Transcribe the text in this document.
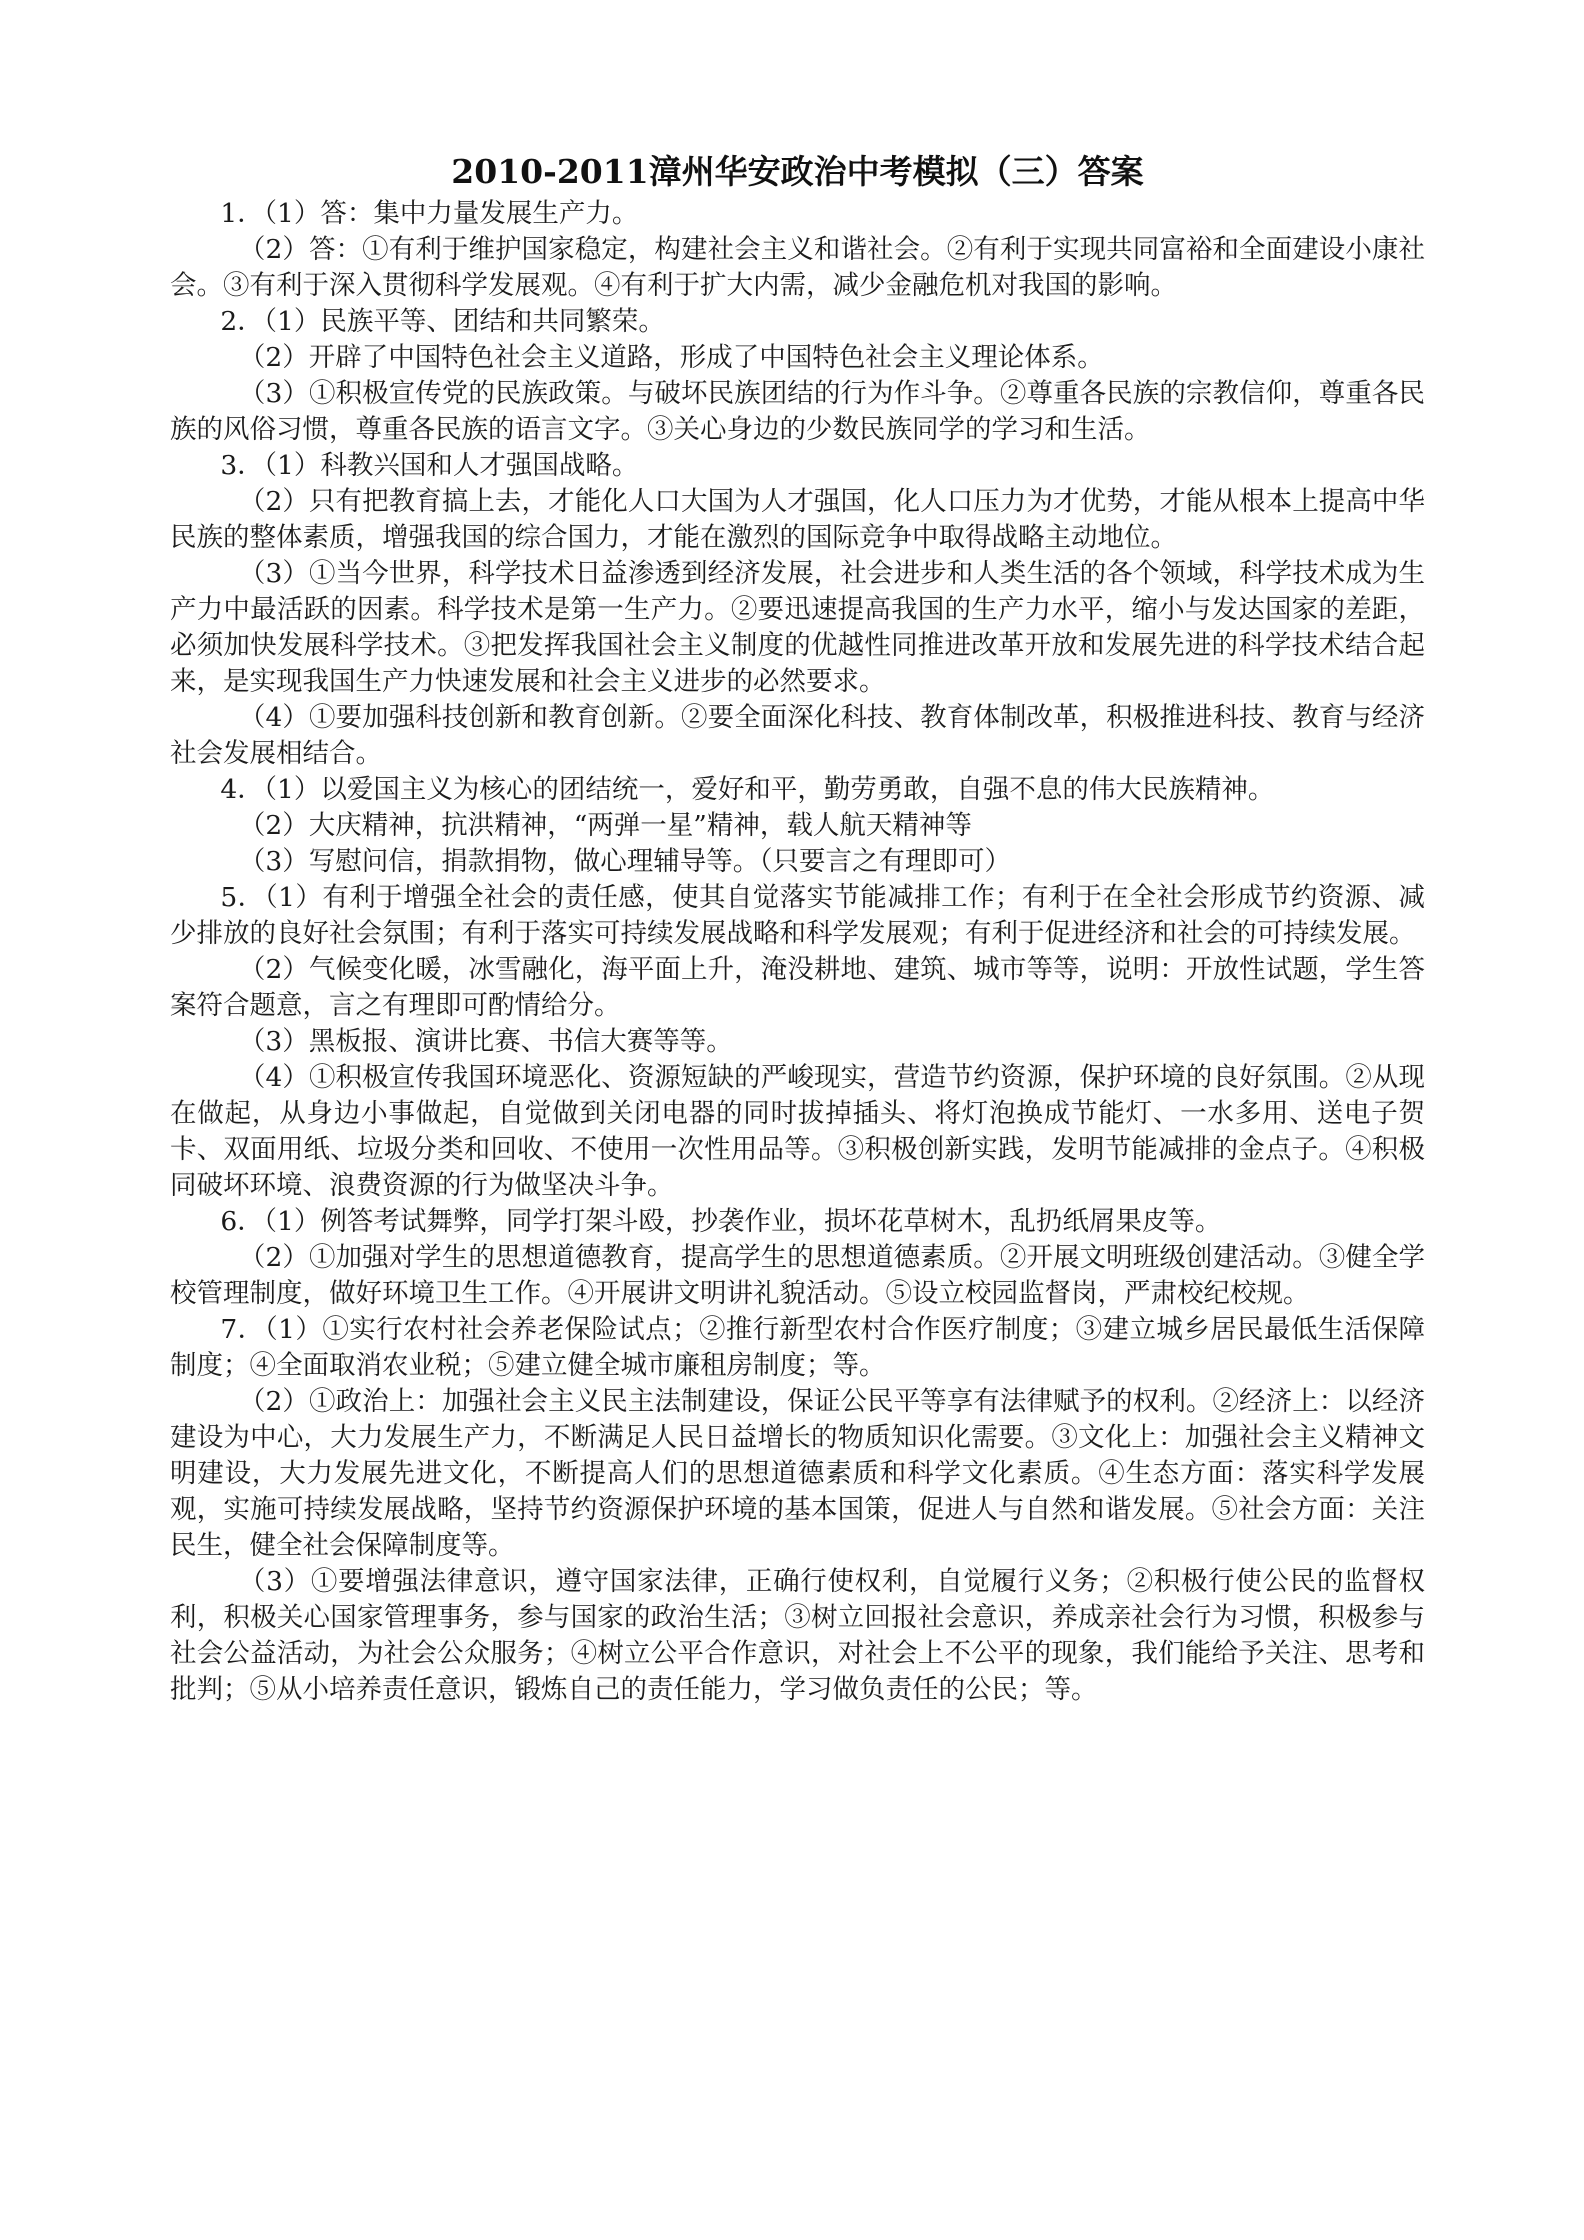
2010-2011漳州华安政治中考模拟（三）答案

1．（1）答：集中力量发展生产力。

（2）答：①有利于维护国家稳定，构建社会主义和谐社会。②有利于实现共同富裕和全面建设小康社会。③有利于深入贯彻科学发展观。④有利于扩大内需，减少金融危机对我国的影响。

2．（1）民族平等、团结和共同繁荣。

（2）开辟了中国特色社会主义道路，形成了中国特色社会主义理论体系。

（3）①积极宣传党的民族政策。与破坏民族团结的行为作斗争。②尊重各民族的宗教信仰，尊重各民族的风俗习惯，尊重各民族的语言文字。③关心身边的少数民族同学的学习和生活。

3．（1）科教兴国和人才强国战略。

（2）只有把教育搞上去，才能化人口大国为人才强国，化人口压力为才优势，才能从根本上提高中华民族的整体素质，增强我国的综合国力，才能在激烈的国际竞争中取得战略主动地位。

（3）①当今世界，科学技术日益渗透到经济发展，社会进步和人类生活的各个领域，科学技术成为生产力中最活跃的因素。科学技术是第一生产力。②要迅速提高我国的生产力水平，缩小与发达国家的差距，必须加快发展科学技术。③把发挥我国社会主义制度的优越性同推进改革开放和发展先进的科学技术结合起来，是实现我国生产力快速发展和社会主义进步的必然要求。

（4）①要加强科技创新和教育创新。②要全面深化科技、教育体制改革，积极推进科技、教育与经济社会发展相结合。

4．（1）以爱国主义为核心的团结统一，爱好和平，勤劳勇敢，自强不息的伟大民族精神。

（2）大庆精神，抗洪精神，“两弹一星”精神，载人航天精神等

（3）写慰问信，捐款捐物，做心理辅导等。（只要言之有理即可）

5．（1）有利于增强全社会的责任感，使其自觉落实节能减排工作；有利于在全社会形成节约资源、减少排放的良好社会氛围；有利于落实可持续发展战略和科学发展观；有利于促进经济和社会的可持续发展。

（2）气候变化暖，冰雪融化，海平面上升，淹没耕地、建筑、城市等等，说明：开放性试题，学生答案符合题意，言之有理即可酌情给分。

（3）黑板报、演讲比赛、书信大赛等等。

（4）①积极宣传我国环境恶化、资源短缺的严峻现实，营造节约资源，保护环境的良好氛围。②从现在做起，从身边小事做起，自觉做到关闭电器的同时拔掉插头、将灯泡换成节能灯、一水多用、送电子贺卡、双面用纸、垃圾分类和回收、不使用一次性用品等。③积极创新实践，发明节能减排的金点子。④积极同破坏环境、浪费资源的行为做坚决斗争。

6．（1）例答考试舞弊，同学打架斗殴，抄袭作业，损坏花草树木，乱扔纸屑果皮等。

（2）①加强对学生的思想道德教育，提高学生的思想道德素质。②开展文明班级创建活动。③健全学校管理制度，做好环境卫生工作。④开展讲文明讲礼貌活动。⑤设立校园监督岗，严肃校纪校规。

7．（1）①实行农村社会养老保险试点；②推行新型农村合作医疗制度；③建立城乡居民最低生活保障制度；④全面取消农业税；⑤建立健全城市廉租房制度；等。

（2）①政治上：加强社会主义民主法制建设，保证公民平等享有法律赋予的权利。②经济上：以经济建设为中心，大力发展生产力，不断满足人民日益增长的物质知识化需要。③文化上：加强社会主义精神文明建设，大力发展先进文化，不断提高人们的思想道德素质和科学文化素质。④生态方面：落实科学发展观，实施可持续发展战略，坚持节约资源保护环境的基本国策，促进人与自然和谐发展。⑤社会方面：关注民生，健全社会保障制度等。

（3）①要增强法律意识，遵守国家法律，正确行使权利，自觉履行义务；②积极行使公民的监督权利，积极关心国家管理事务，参与国家的政治生活；③树立回报社会意识，养成亲社会行为习惯，积极参与社会公益活动，为社会公众服务；④树立公平合作意识，对社会上不公平的现象，我们能给予关注、思考和批判；⑤从小培养责任意识，锻炼自己的责任能力，学习做负责任的公民；等。
